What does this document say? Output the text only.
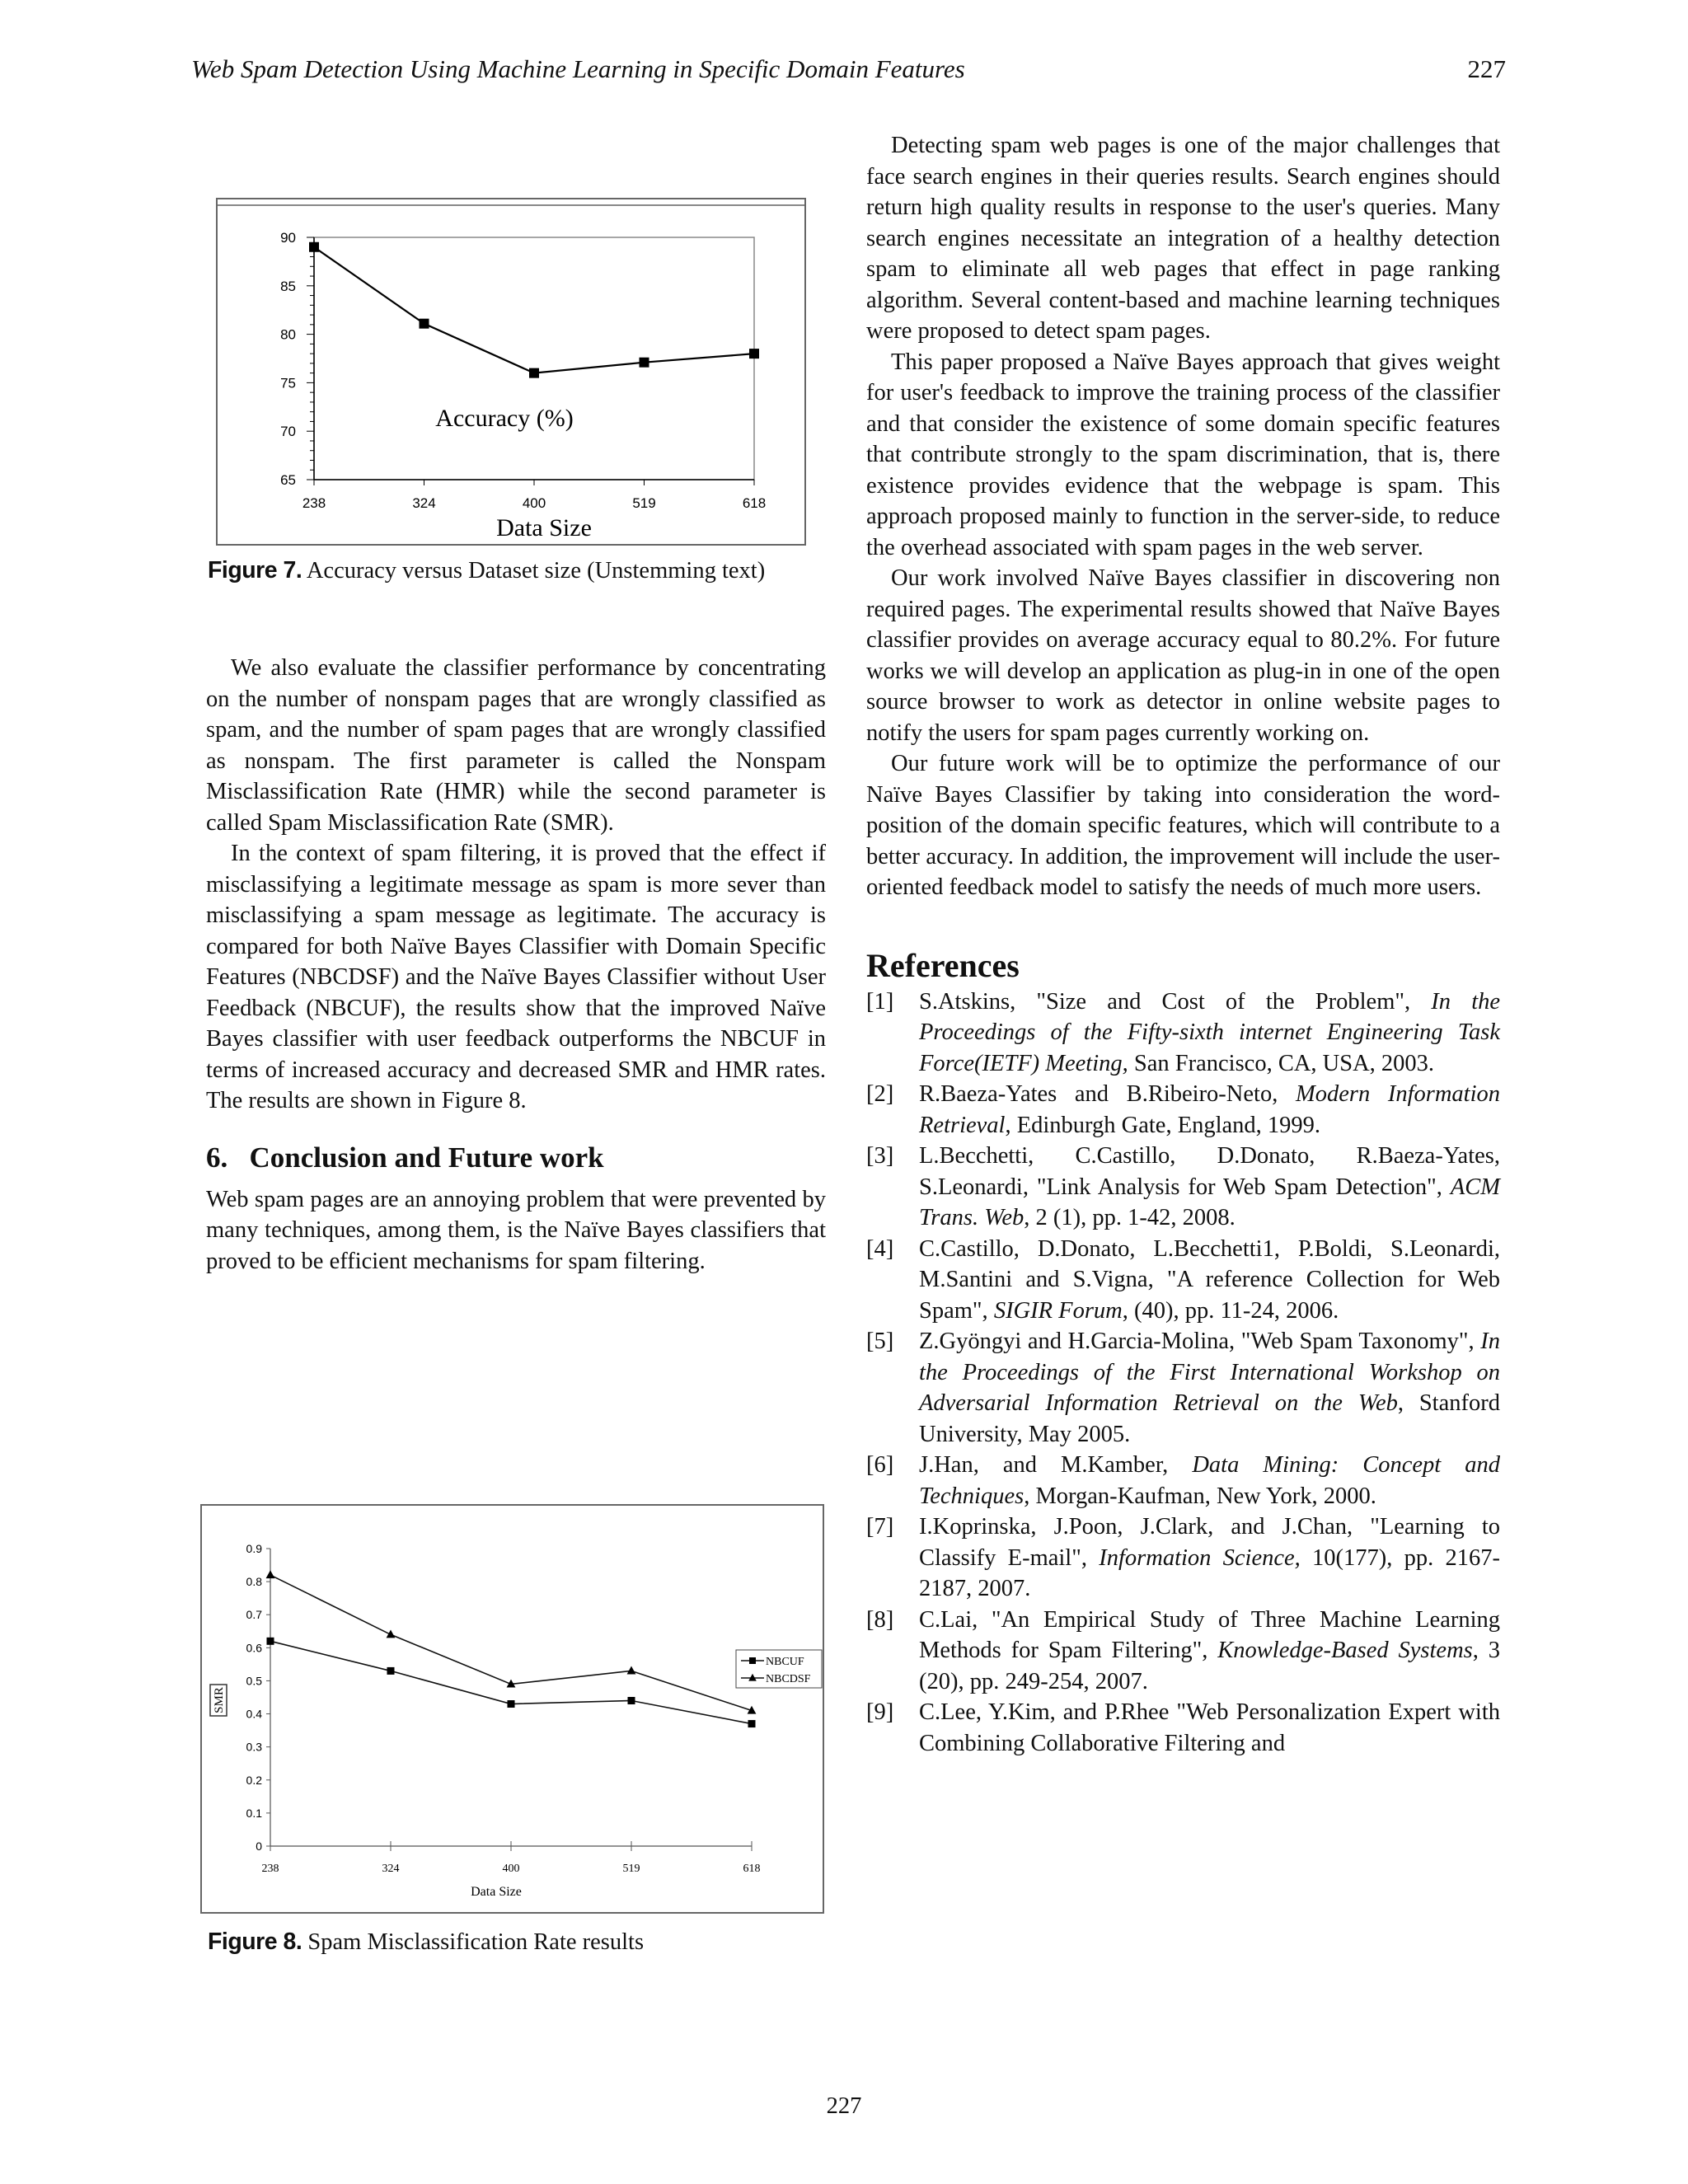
Web Spam Detection Using Machine Learning in Specific Domain Features	227
65
70
75
80
85
90
238	324	400	519	618
Accuracy (%)
Data Size
Figure 7. Accuracy versus Dataset size (Unstemming text)

We also evaluate the classifier performance by concentrating on the number of nonspam pages that are wrongly classified as spam, and the number of spam pages that are wrongly classified as nonspam. The first parameter is called the Nonspam Misclassification Rate (HMR) while the second parameter is called Spam Misclassification Rate (SMR).

In the context of spam filtering, it is proved that the effect if misclassifying a legitimate message as spam is more sever than misclassifying a spam message as legitimate. The accuracy is compared for both Naïve Bayes Classifier with Domain Specific Features (NBCDSF) and the Naïve Bayes Classifier without User Feedback (NBCUF), the results show that the improved Naïve Bayes classifier with user feedback outperforms the NBCUF in terms of increased accuracy and decreased SMR and HMR rates. The results are shown in Figure 8.

6.   Conclusion and Future work

Web spam pages are an annoying problem that were prevented by many techniques, among them, is the Naïve Bayes classifiers that proved to be efficient mechanisms for spam filtering.

0
0.1
0.2
0.3
0.4
0.5
0.6
0.7
0.8
0.9
238	324	400	519	618
SMR
NBCUF
NBCDSF
Data Size
Figure 8. Spam Misclassification Rate results

Detecting spam web pages is one of the major challenges that face search engines in their queries results. Search engines should return high quality results in response to the user's queries. Many search engines necessitate an integration of a healthy detection spam to eliminate all web pages that effect in page ranking algorithm. Several content-based and machine learning techniques were proposed to detect spam pages.

This paper proposed a Naïve Bayes approach that gives weight for user's feedback to improve the training process of the classifier and that consider the existence of some domain specific features that contribute strongly to the spam discrimination, that is, there existence provides evidence that the webpage is spam. This approach proposed mainly to function in the server-side, to reduce the overhead associated with spam pages in the web server.

Our work involved Naïve Bayes classifier in discovering non required pages. The experimental results showed that Naïve Bayes classifier provides on average accuracy equal to 80.2%. For future works we will develop an application as plug-in in one of the open source browser to work as detector in online website pages to notify the users for spam pages currently working on.

Our future work will be to optimize the performance of our Naïve Bayes Classifier by taking into consideration the word-position of the domain specific features, which will contribute to a better accuracy. In addition, the improvement will include the user-oriented feedback model to satisfy the needs of much more users.

References
[1] S.Atskins, "Size and Cost of the Problem", In the Proceedings of the Fifty-sixth internet Engineering Task Force(IETF) Meeting, San Francisco, CA, USA, 2003.
[2] R.Baeza-Yates and B.Ribeiro-Neto, Modern Information Retrieval, Edinburgh Gate, England, 1999.
[3] L.Becchetti, C.Castillo, D.Donato, R.Baeza-Yates, S.Leonardi, "Link Analysis for Web Spam Detection", ACM Trans. Web, 2 (1), pp. 1-42, 2008.
[4] C.Castillo, D.Donato, L.Becchetti1, P.Boldi, S.Leonardi, M.Santini and S.Vigna, "A reference Collection for Web Spam", SIGIR Forum, (40), pp. 11-24, 2006.
[5] Z.Gyöngyi and H.Garcia-Molina, "Web Spam Taxonomy", In the Proceedings of the First International Workshop on Adversarial Information Retrieval on the Web, Stanford University, May 2005.
[6] J.Han, and M.Kamber, Data Mining: Concept and Techniques, Morgan-Kaufman, New York, 2000.
[7] I.Koprinska, J.Poon, J.Clark, and J.Chan, "Learning to Classify E-mail", Information Science, 10(177), pp. 2167-2187, 2007.
[8] C.Lai, "An Empirical Study of Three Machine Learning Methods for Spam Filtering", Knowledge-Based Systems, 3 (20), pp. 249-254, 2007.
[9] C.Lee, Y.Kim, and P.Rhee "Web Personalization Expert with Combining Collaborative Filtering and
227
